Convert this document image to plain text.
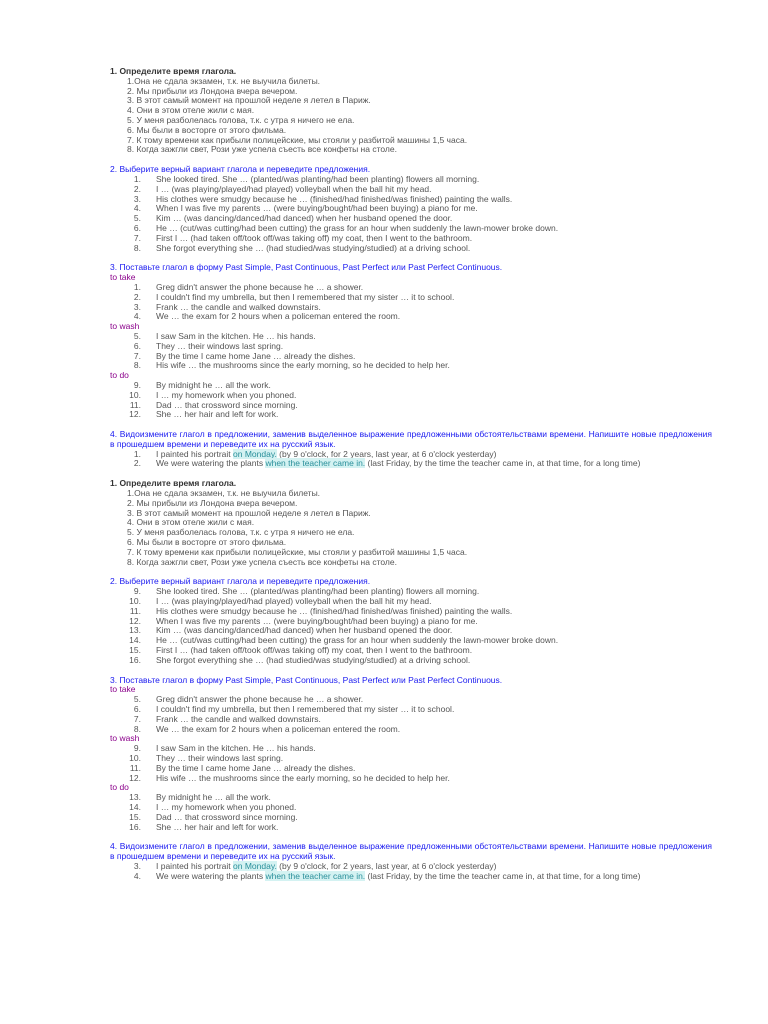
1. Определите время глагола.
1.Она не сдала экзамен, т.к. не выучила билеты.
2. Мы прибыли из Лондона вчера вечером.
3. В этот самый момент на прошлой неделе я летел в Париж.
4. Они в этом отеле жили с мая.
5. У меня разболелась голова, т.к. с утра я ничего не ела.
6. Мы были в восторге от этого фильма.
7. К тому времени как прибыли полицейские, мы стояли у разбитой машины 1,5 часа.
8. Когда зажгли свет, Рози уже успела съесть все конфеты на столе.
2. Выберите верный вариант глагола и переведите предложения.
1. She looked tired. She … (planted/was planting/had been planting) flowers all morning.
2. I … (was playing/played/had played) volleyball when the ball hit my head.
3. His clothes were smudgy because he … (finished/had finished/was finished) painting the walls.
4. When I was five my parents … (were buying/bought/had been buying) a piano for me.
5. Kim … (was dancing/danced/had danced) when her husband opened the door.
6. He … (cut/was cutting/had been cutting) the grass for an hour when suddenly the lawn-mower broke down.
7. First I … (had taken off/took off/was taking off) my coat, then I went to the bathroom.
8. She forgot everything she … (had studied/was studying/studied) at a driving school.
3. Поставьте глагол в форму Past Simple, Past Continuous, Past Perfect или Past Perfect Continuous.
to take
1. Greg didn't answer the phone because he … a shower.
2. I couldn't find my umbrella, but then I remembered that my sister … it to school.
3. Frank … the candle and walked downstairs.
4. We … the exam for 2 hours when a policeman entered the room.
to wash
5. I saw Sam in the kitchen. He … his hands.
6. They … their windows last spring.
7. By the time I came home Jane … already the dishes.
8. His wife … the mushrooms since the early morning, so he decided to help her.
to do
9. By midnight he … all the work.
10. I … my homework when you phoned.
11. Dad … that crossword since morning.
12. She … her hair and left for work.
4. Видоизмените глагол в предложении, заменив выделенное выражение предложенными обстоятельствами времени. Напишите новые предложения в прошедшем времени и переведите их на русский язык.
1. I painted his portrait on Monday. (by 9 o'clock, for 2 years, last year, at 6 o'clock yesterday)
2. We were watering the plants when the teacher came in. (last Friday, by the time the teacher came in, at that time, for a long time)
1. Определите время глагола.
1.Она не сдала экзамен, т.к. не выучила билеты.
2. Мы прибыли из Лондона вчера вечером.
3. В этот самый момент на прошлой неделе я летел в Париж.
4. Они в этом отеле жили с мая.
5. У меня разболелась голова, т.к. с утра я ничего не ела.
6. Мы были в восторге от этого фильма.
7. К тому времени как прибыли полицейские, мы стояли у разбитой машины 1,5 часа.
8. Когда зажгли свет, Рози уже успела съесть все конфеты на столе.
2. Выберите верный вариант глагола и переведите предложения.
9. She looked tired. She … (planted/was planting/had been planting) flowers all morning.
10. I … (was playing/played/had played) volleyball when the ball hit my head.
11. His clothes were smudgy because he … (finished/had finished/was finished) painting the walls.
12. When I was five my parents … (were buying/bought/had been buying) a piano for me.
13. Kim … (was dancing/danced/had danced) when her husband opened the door.
14. He … (cut/was cutting/had been cutting) the grass for an hour when suddenly the lawn-mower broke down.
15. First I … (had taken off/took off/was taking off) my coat, then I went to the bathroom.
16. She forgot everything she … (had studied/was studying/studied) at a driving school.
3. Поставьте глагол в форму Past Simple, Past Continuous, Past Perfect или Past Perfect Continuous.
to take
5. Greg didn't answer the phone because he … a shower.
6. I couldn't find my umbrella, but then I remembered that my sister … it to school.
7. Frank … the candle and walked downstairs.
8. We … the exam for 2 hours when a policeman entered the room.
to wash
9. I saw Sam in the kitchen. He … his hands.
10. They … their windows last spring.
11. By the time I came home Jane … already the dishes.
12. His wife … the mushrooms since the early morning, so he decided to help her.
to do
13. By midnight he … all the work.
14. I … my homework when you phoned.
15. Dad … that crossword since morning.
16. She … her hair and left for work.
4. Видоизмените глагол в предложении, заменив выделенное выражение предложенными обстоятельствами времени. Напишите новые предложения в прошедшем времени и переведите их на русский язык.
3. I painted his portrait on Monday. (by 9 o'clock, for 2 years, last year, at 6 o'clock yesterday)
4. We were watering the plants when the teacher came in. (last Friday, by the time the teacher came in, at that time, for a long time)
